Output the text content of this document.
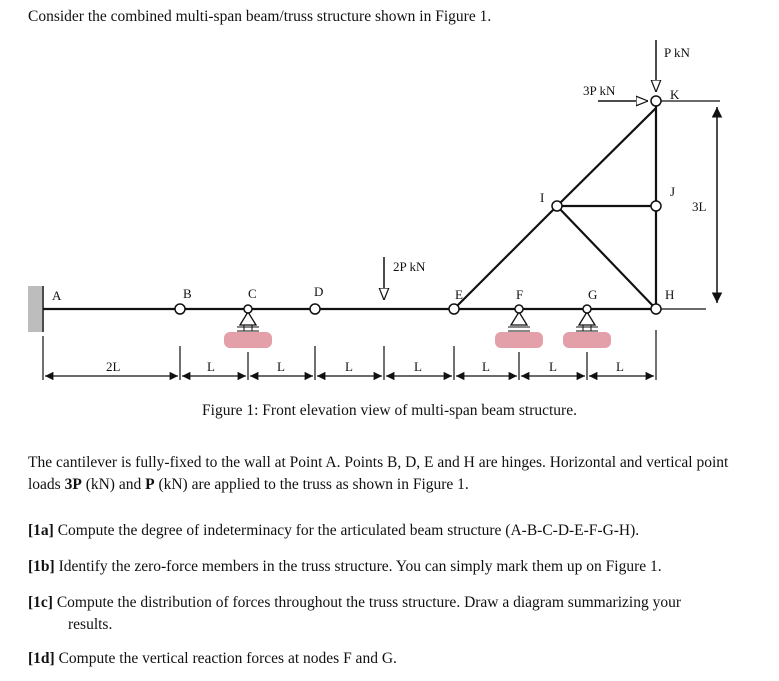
Consider the combined multi-span beam/truss structure shown in Figure 1.
3L
A	B	C	D	E	F	G	H
I	J
K
P kN
3P kN
2P kN
2L	L	L	L	L	L	L	L
Figure 1: Front elevation view of multi-span beam structure.
The cantilever is fully-fixed to the wall at Point A. Points B, D, E and H are hinges. Horizontal and vertical point loads 3P (kN) and P (kN) are applied to the truss as shown in Figure 1.
[1a] Compute the degree of indeterminacy for the articulated beam structure (A-B-C-D-E-F-G-H).
[1b] Identify the zero-force members in the truss structure. You can simply mark them up on Figure 1.
[1c] Compute the distribution of forces throughout the truss structure. Draw a diagram summarizing your
results.
[1d] Compute the vertical reaction forces at nodes F and G.
